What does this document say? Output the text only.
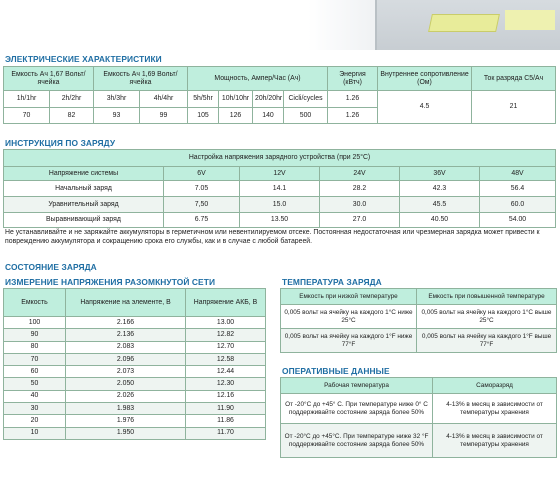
ЭЛЕКТРИЧЕСКИЕ ХАРАКТЕРИСТИКИ
Емкость Ач 1,67 Вольт/ячейка		Емкость Ач 1,69 Вольт/ячейка		Мощность, Ампер/Час (Ач)				Энергия (кВтч)	Внутреннее сопротивление (Ом)	Ток разряда С5/Ач
1h/1hr	2h/2hr	3h/3hr	4h/4hr	5h/5hr	10h/10hr	20h/20hr	Cicli/cycles	1.26	4.5	21
70	82	93	99	105	126	140	500	1.26		
ИНСТРУКЦИЯ ПО ЗАРЯДУ
Настройка напряжения зарядного устройства (при 25°C)					
Напряжение системы	6V	12V	24V	36V	48V
Начальный заряд	7.05	14.1	28.2	42.3	56.4
Уравнительный заряд	7,50	15.0	30.0	45.5	60.0
Выравнивающий заряд	6.75	13.50	27.0	40.50	54.00
Не устанавливайте и не заряжайте аккумуляторы в герметичном или невентилируемом отсеке. Постоянная недостаточная или чрезмерная зарядка может привести к повреждению аккумулятора и сокращению срока его службы, как и в случае с любой батареей.
СОСТОЯНИЕ ЗАРЯДА
ИЗМЕРЕНИЕ НАПРЯЖЕНИЯ РАЗОМКНУТОЙ СЕТИ
Емкость	Напряжение на элементе, В	Напряжение АКБ, В
100	2.166	13.00
90	2.136	12.82
80	2.083	12.70
70	2.096	12.58
60	2.073	12.44
50	2.050	12.30
40	2.026	12.16
30	1.983	11.90
20	1.976	11.86
10	1.950	11.70
ТЕМПЕРАТУРА ЗАРЯДА
Емкость при низкой температуре	Емкость при повышенной температуре
0,005 вольт на ячейку на каждого 1°C ниже 25°C	0,005 вольт на ячейку на каждого 1°C выше 25°C
0,005 вольт на ячейку на каждого 1°F ниже 77°F	0,005 вольт на ячейку на каждого 1°F выше 77°F
ОПЕРАТИВНЫЕ ДАННЫЕ
Рабочая температура	Саморазряд
От -20°С до +45° С. При температуре ниже 0° С поддерживайте состояние заряда более 50%	4-13% в месяц в зависимости от температуры хранения
От -20°С до +45°С. При температуре ниже 32 °F поддерживайте состояние заряда более 50%	4-13% в месяц в зависимости от температуры хранения
